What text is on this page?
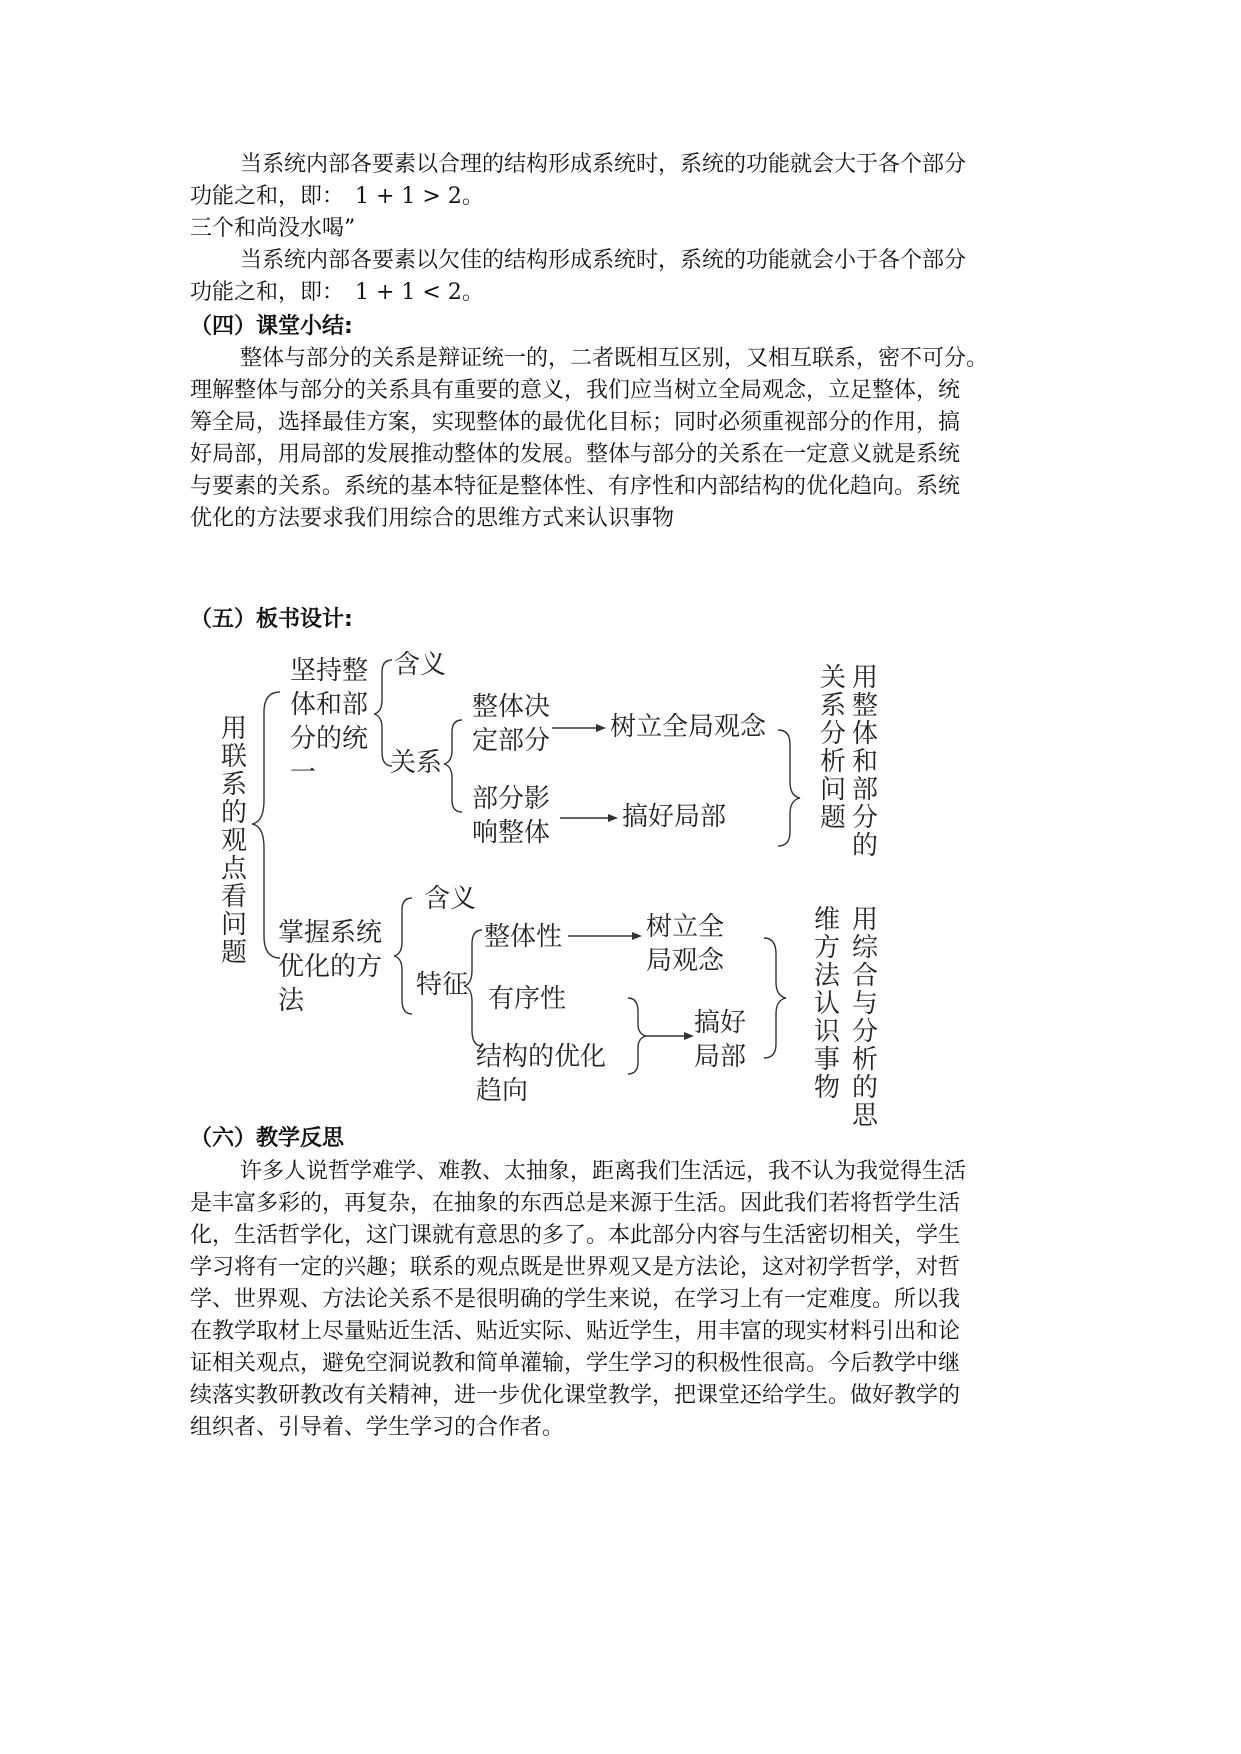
当系统内部各要素以合理的结构形成系统时，系统的功能就会大于各个部分
功能之和，即：　1 + 1 > 2。
三个和尚没水喝”
当系统内部各要素以欠佳的结构形成系统时，系统的功能就会小于各个部分
功能之和，即：　1 + 1 < 2。
（四）课堂小结:
整体与部分的关系是辩证统一的，二者既相互区别，又相互联系，密不可分。
理解整体与部分的关系具有重要的意义，我们应当树立全局观念，立足整体，统
筹全局，选择最佳方案，实现整体的最优化目标；同时必须重视部分的作用，搞
好局部，用局部的发展推动整体的发展。整体与部分的关系在一定意义就是系统
与要素的关系。系统的基本特征是整体性、有序性和内部结构的优化趋向。系统
优化的方法要求我们用综合的思维方式来认识事物
（五）板书设计:
用联系的观点看问题
坚持整
体和部
分的统
一
含义
关系
整体决
定部分 树立全局观念
部分影
响整体
搞好局部
用整体和部分的
关系分析问题
掌握系统
优化的方
法
含义
特征
整体性	树立全
局观念
有序性
搞好
局部
结构的优化
趋向
用综合与分析的思
维方法认识事物
（六）教学反思
许多人说哲学难学、难教、太抽象，距离我们生活远，我不认为我觉得生活
是丰富多彩的，再复杂，在抽象的东西总是来源于生活。因此我们若将哲学生活
化，生活哲学化，这门课就有意思的多了。本此部分内容与生活密切相关，学生
学习将有一定的兴趣；联系的观点既是世界观又是方法论，这对初学哲学，对哲
学、世界观、方法论关系不是很明确的学生来说，在学习上有一定难度。所以我
在教学取材上尽量贴近生活、贴近实际、贴近学生，用丰富的现实材料引出和论
证相关观点，避免空洞说教和简单灌输，学生学习的积极性很高。今后教学中继
续落实教研教改有关精神，进一步优化课堂教学，把课堂还给学生。做好教学的
组织者、引导着、学生学习的合作者。
